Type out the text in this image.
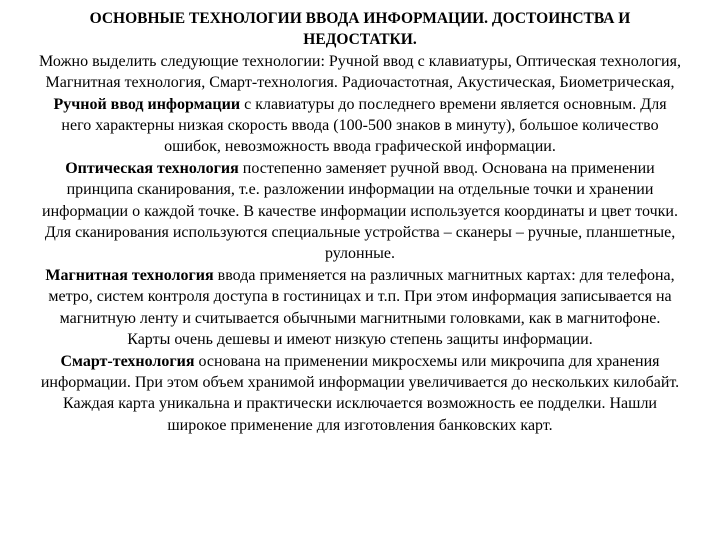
ОСНОВНЫЕ ТЕХНОЛОГИИ ВВОДА ИНФОРМАЦИИ. ДОСТОИНСТВА И НЕДОСТАТКИ.

Можно выделить следующие технологии: Ручной ввод с клавиатуры, Оптическая технология, Магнитная технология, Смарт-технология. Радиочастотная, Акустическая, Биометрическая,

Ручной ввод информации с клавиатуры до последнего времени является основным. Для него характерны низкая скорость ввода (100-500 знаков в минуту), большое количество ошибок, невозможность ввода графической информации.

Оптическая технология постепенно заменяет ручной ввод. Основана на применении принципа сканирования, т.е. разложении информации на отдельные точки и хранении информации о каждой точке. В качестве информации используется координаты и цвет точки. Для сканирования используются специальные устройства – сканеры – ручные, планшетные, рулонные.

Магнитная технология ввода применяется на различных магнитных картах: для телефона, метро, систем контроля доступа в гостиницах и т.п. При этом информация записывается на магнитную ленту и считывается обычными магнитными головками, как в магнитофоне. Карты очень дешевы и имеют низкую степень защиты информации.

Смарт-технология основана на применении микросхемы или микрочипа для хранения информации. При этом объем хранимой информации увеличивается до нескольких килобайт. Каждая карта уникальна и практически исключается возможность ее подделки. Нашли широкое применение для изготовления банковских карт.
